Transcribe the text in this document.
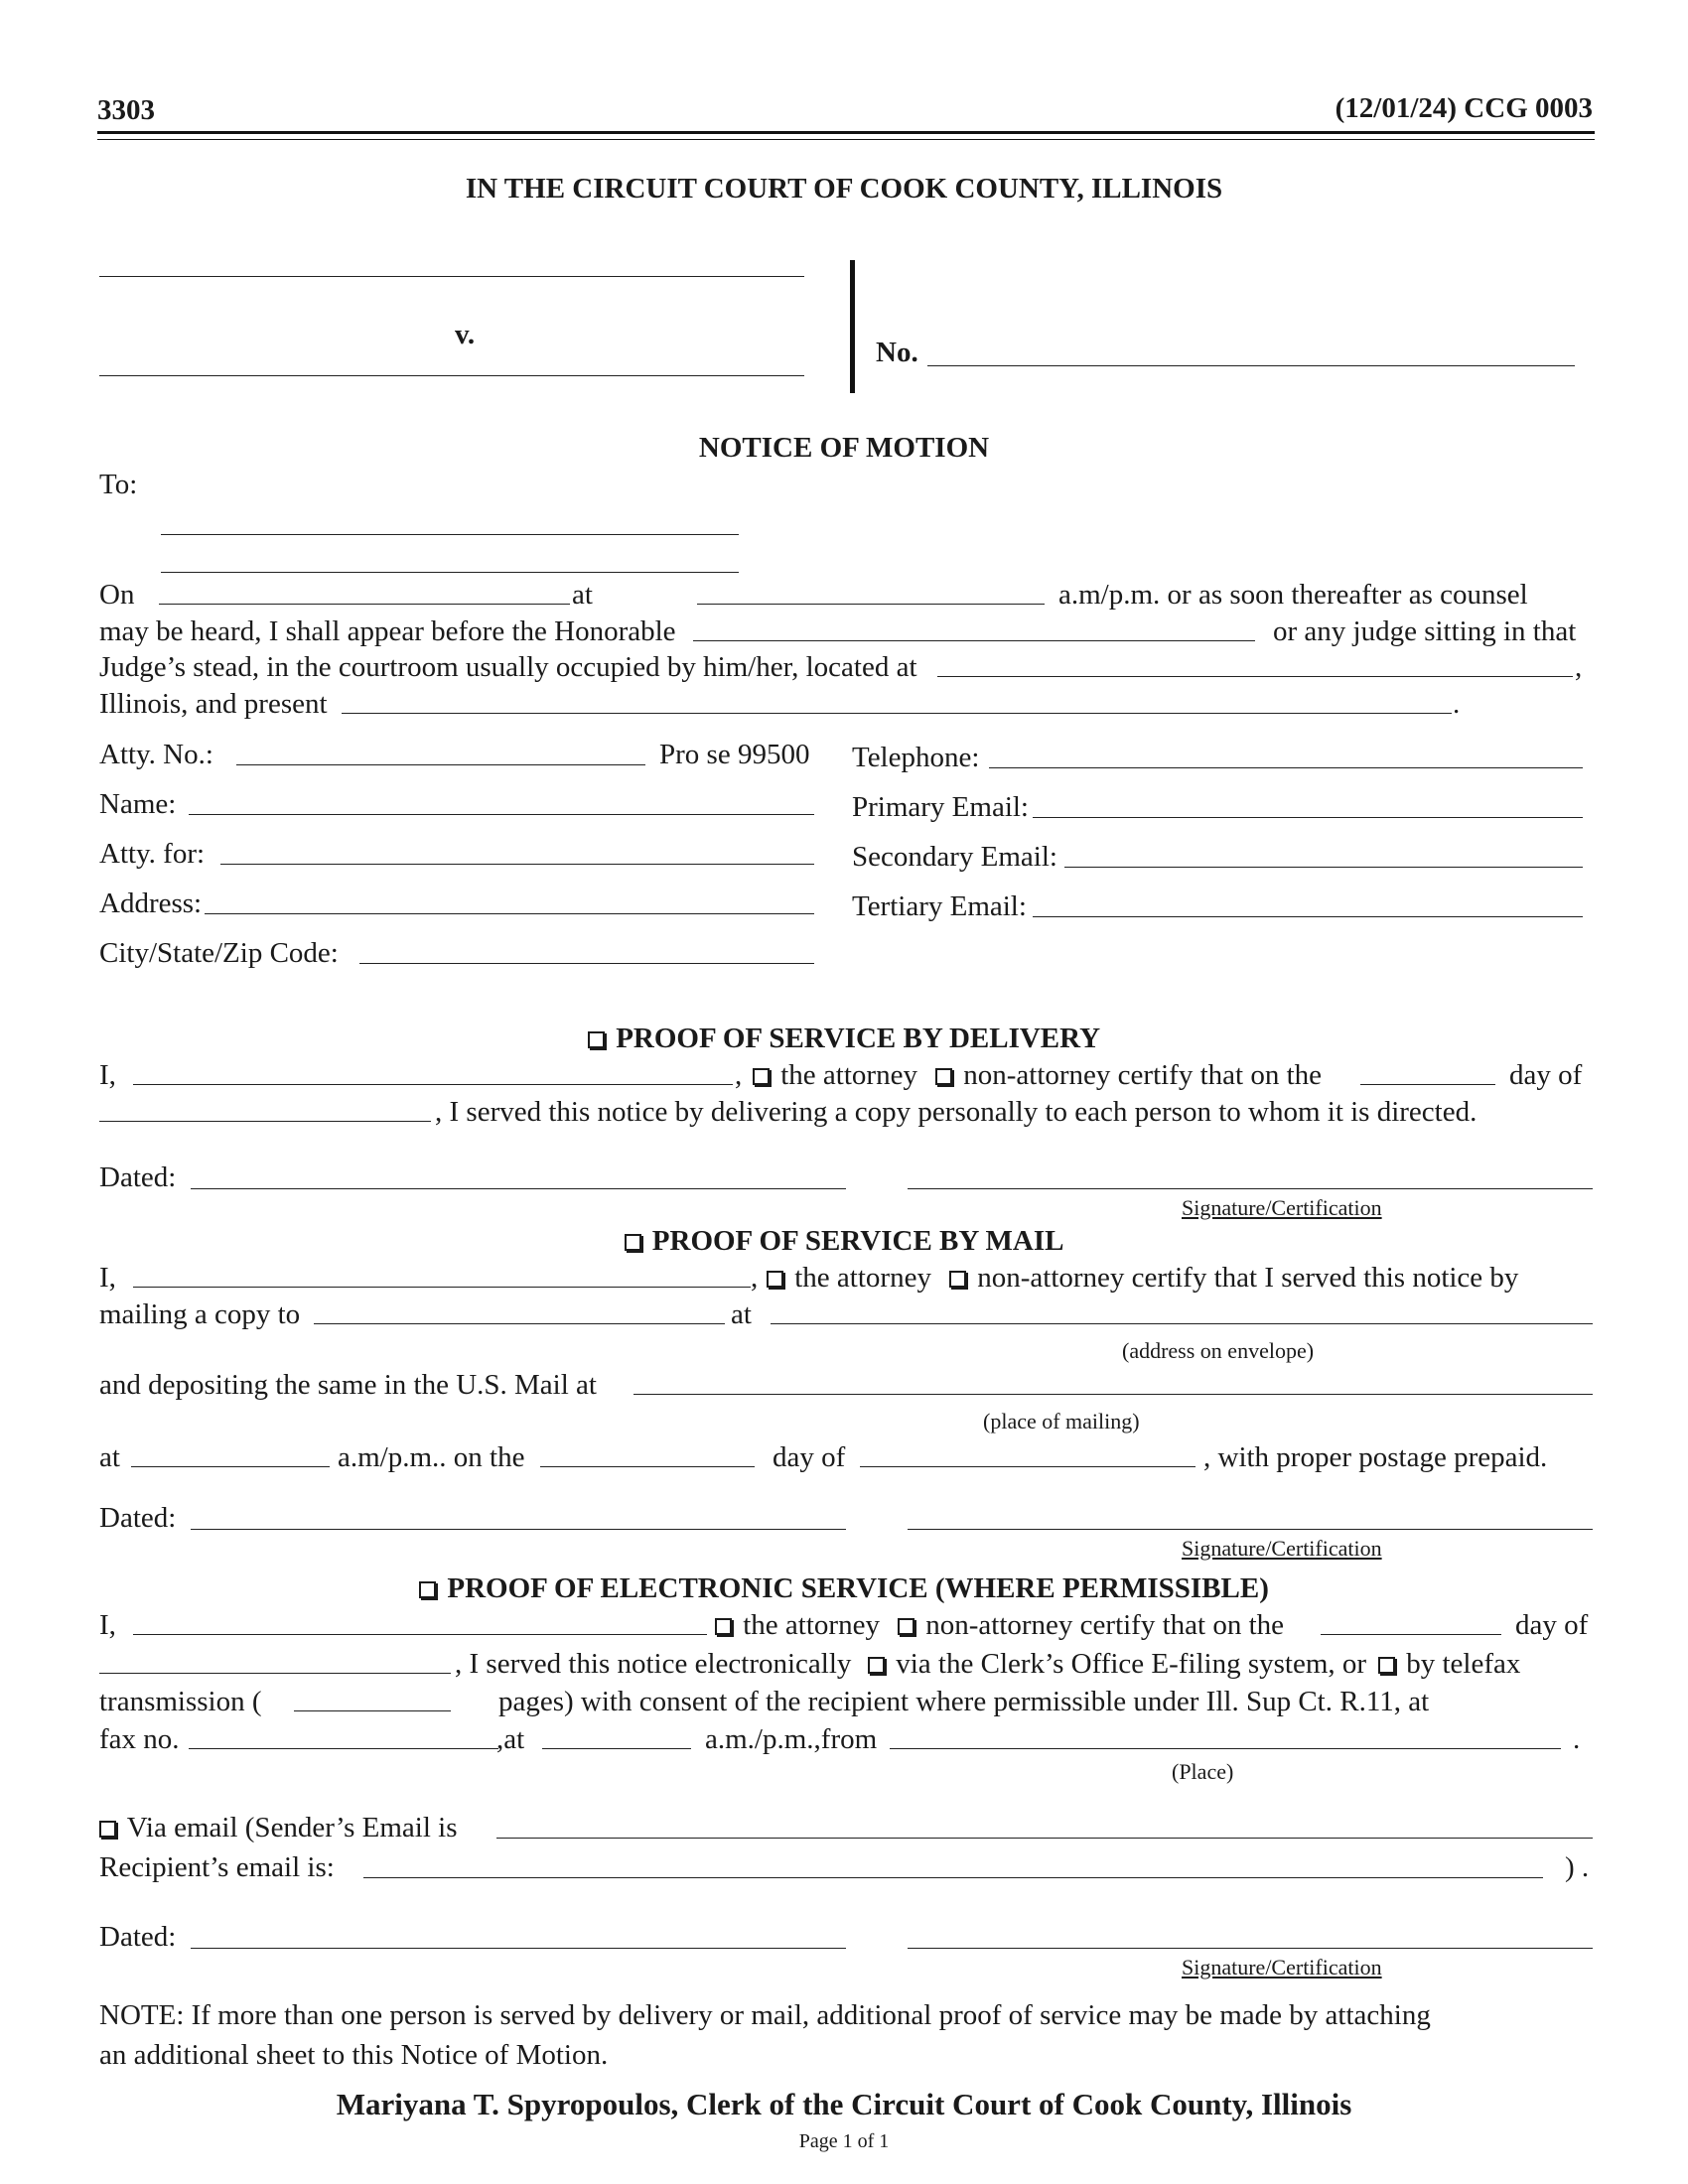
3303	(12/01/24) CCG 0003
IN THE CIRCUIT COURT OF COOK COUNTY, ILLINOIS
v.
No.
NOTICE OF MOTION
To:
On	at	a.m/p.m. or as soon thereafter as counsel
may be heard, I shall appear before the Honorable	or any judge sitting in that
Judge’s stead, in the courtroom usually occupied by him/her, located at	,
Illinois, and present	.
Atty. No.:	Pro se 99500
Name:
Atty. for:
Address:
City/State/Zip Code:
Telephone:
Primary Email:
Secondary Email:
Tertiary Email:
PROOF OF SERVICE BY DELIVERY
I,	,	the attorney	non-attorney certify that on the	day of
, I served this notice by delivering a copy personally to each person to whom it is directed.
Dated:
Signature/Certification
PROOF OF SERVICE BY MAIL
I,	,	the attorney	non-attorney certify that I served this notice by
mailing a copy to	at
(address on envelope)
and depositing the same in the U.S. Mail at
(place of mailing)
at	a.m/p.m.. on the	day of	, with proper postage prepaid.
Dated:
Signature/Certification
PROOF OF ELECTRONIC SERVICE (WHERE PERMISSIBLE)
I,	the attorney	non-attorney certify that on the	day of
, I served this notice electronically	via the Clerk’s Office E-filing system, or	by telefax
transmission (	pages) with consent of the recipient where permissible under Ill. Sup Ct. R.11, at
fax no.	,at	a.m./p.m.,from	.
(Place)
Via email (Sender’s Email is
Recipient’s email is:	) .
Dated:
Signature/Certification
NOTE: If more than one person is served by delivery or mail, additional proof of service may be made by attaching
an additional sheet to this Notice of Motion.
Mariyana T. Spyropoulos, Clerk of the Circuit Court of Cook County, Illinois
Page 1 of 1
